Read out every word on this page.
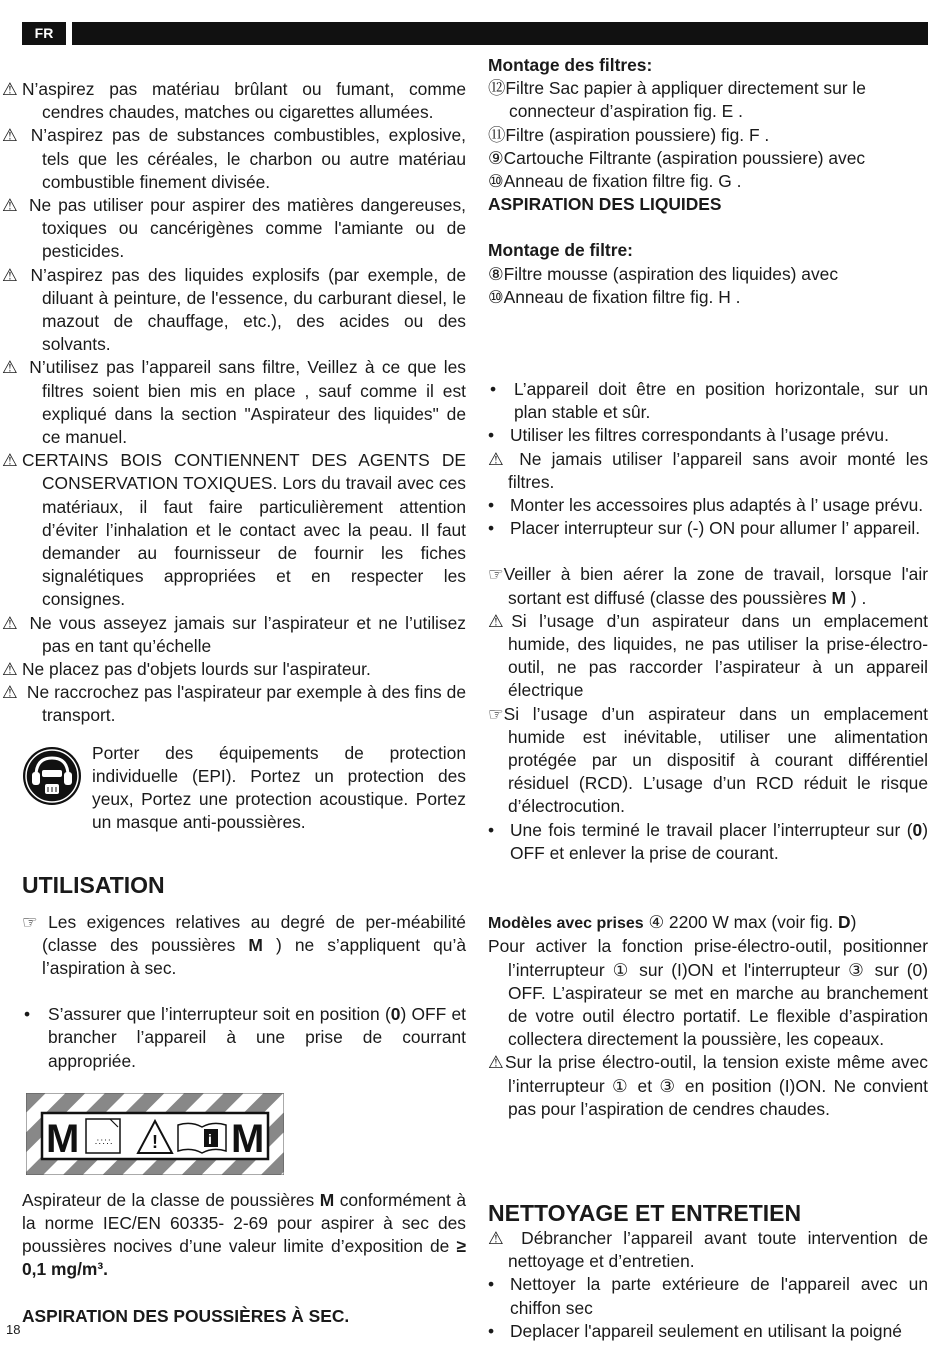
FR

⚠ N’aspirez pas matériau brûlant ou fumant, comme cendres chaudes, matches ou cigarettes allumées.

⚠ N’aspirez pas de substances combustibles, explosive, tels que les céréales, le charbon ou autre matériau combustible finement divisée.

⚠ Ne pas utiliser pour aspirer des matières dangereuses, toxiques ou cancérigènes comme l'amiante ou de pesticides.

⚠ N’aspirez pas des liquides explosifs (par exemple, de diluant à peinture, de l'essence, du carburant diesel, le mazout de chauffage, etc.), des acides ou des solvants.

⚠ N’utilisez pas l’appareil sans filtre, Veillez à ce que les filtres soient bien mis en place , sauf comme il est expliqué dans la section "Aspirateur des liquides" de ce manuel.

⚠ CERTAINS BOIS CONTIENNENT DES AGENTS DE CONSERVATION TOXIQUES. Lors du travail avec ces matériaux, il faut faire particulièrement attention d’éviter l’inhalation et le contact avec la peau. Il faut demander au fournisseur de fournir les fiches signalétiques appropriées et en respecter les consignes.

⚠ Ne vous asseyez jamais sur l’aspirateur et ne l’utilisez pas en tant qu’échelle

⚠ Ne placez pas d'objets lourds sur l'aspirateur.

⚠ Ne raccrochez pas l'aspirateur par exemple à des fins de transport.

Porter des équipements de protection individuelle (EPI). Portez un protection des yeux, Portez une protection acoustique. Portez un masque anti-poussières.

UTILISATION

☞ Les exigences relatives au degré de per-méabilité (classe des poussières M ) ne s’appliquent qu’à l’aspiration à sec.

• S’assurer que l’interrupteur soit en position (0) OFF et brancher l’appareil à une prise de courrant appropriée.

M ∴∵∴ !	i M

Aspirateur de la classe de poussières M conformément à la norme IEC/EN 60335- 2-69 pour aspirer à sec des poussières nocives d’une valeur limite d’exposition de ≥ 0,1 mg/m³.

ASPIRATION DES POUSSIÈRES À SEC.

Montage des filtres:

⑫Filtre Sac papier à appliquer directement sur le connecteur d’aspiration fig. E .

⑪Filtre (aspiration poussiere) fig. F .

⑨Cartouche Filtrante (aspiration poussiere) avec

⑩Anneau de fixation filtre fig. G .

ASPIRATION DES LIQUIDES

Montage de filtre:

⑧Filtre mousse (aspiration des liquides) avec

⑩Anneau de fixation filtre fig. H .

• L’appareil doit être en position horizontale, sur un plan stable et sûr.

• Utiliser les filtres correspondants à l’usage prévu.

⚠ Ne jamais utiliser l’appareil sans avoir monté les filtres.

• Monter les accessoires plus adaptés à l’ usage prévu.

• Placer interrupteur sur (-) ON pour allumer l’ appareil.

☞Veiller à bien aérer la zone de travail, lorsque l'air sortant est diffusé (classe des poussières M ) .

⚠Si l’usage d’un aspirateur dans un emplacement humide, des liquides, ne pas utiliser la prise-électro-outil, ne pas raccorder l’aspirateur à un appareil électrique

☞Si l’usage d’un aspirateur dans un emplacement humide est inévitable, utiliser une alimentation protégée par un dispositif à courant différentiel résiduel (RCD). L’usage d’un RCD réduit le risque d’électrocution.

• Une fois terminé le travail placer l’interrupteur sur (0) OFF et enlever la prise de courant.

Modèles avec prises ④ 2200 W max (voir fig. D)

Pour activer la fonction prise-électro-outil, positionner l’interrupteur ① sur (I)ON et l'interrupteur ③ sur (0) OFF. L’aspirateur se met en marche au branchement de votre outil électro portatif. Le flexible d’aspiration collectera directement la poussière, les copeaux.

⚠Sur la prise électro-outil, la tension existe même avec l’interrupteur ① et ③ en position (I)ON. Ne convient pas pour l’aspiration de cendres chaudes.

NETTOYAGE ET ENTRETIEN

⚠ Débrancher l’appareil avant toute intervention de nettoyage et d’entretien.

• Nettoyer la parte extérieure de l'appareil avec un chiffon sec

• Deplacer l'appareil seulement en utilisant la poigné

18
